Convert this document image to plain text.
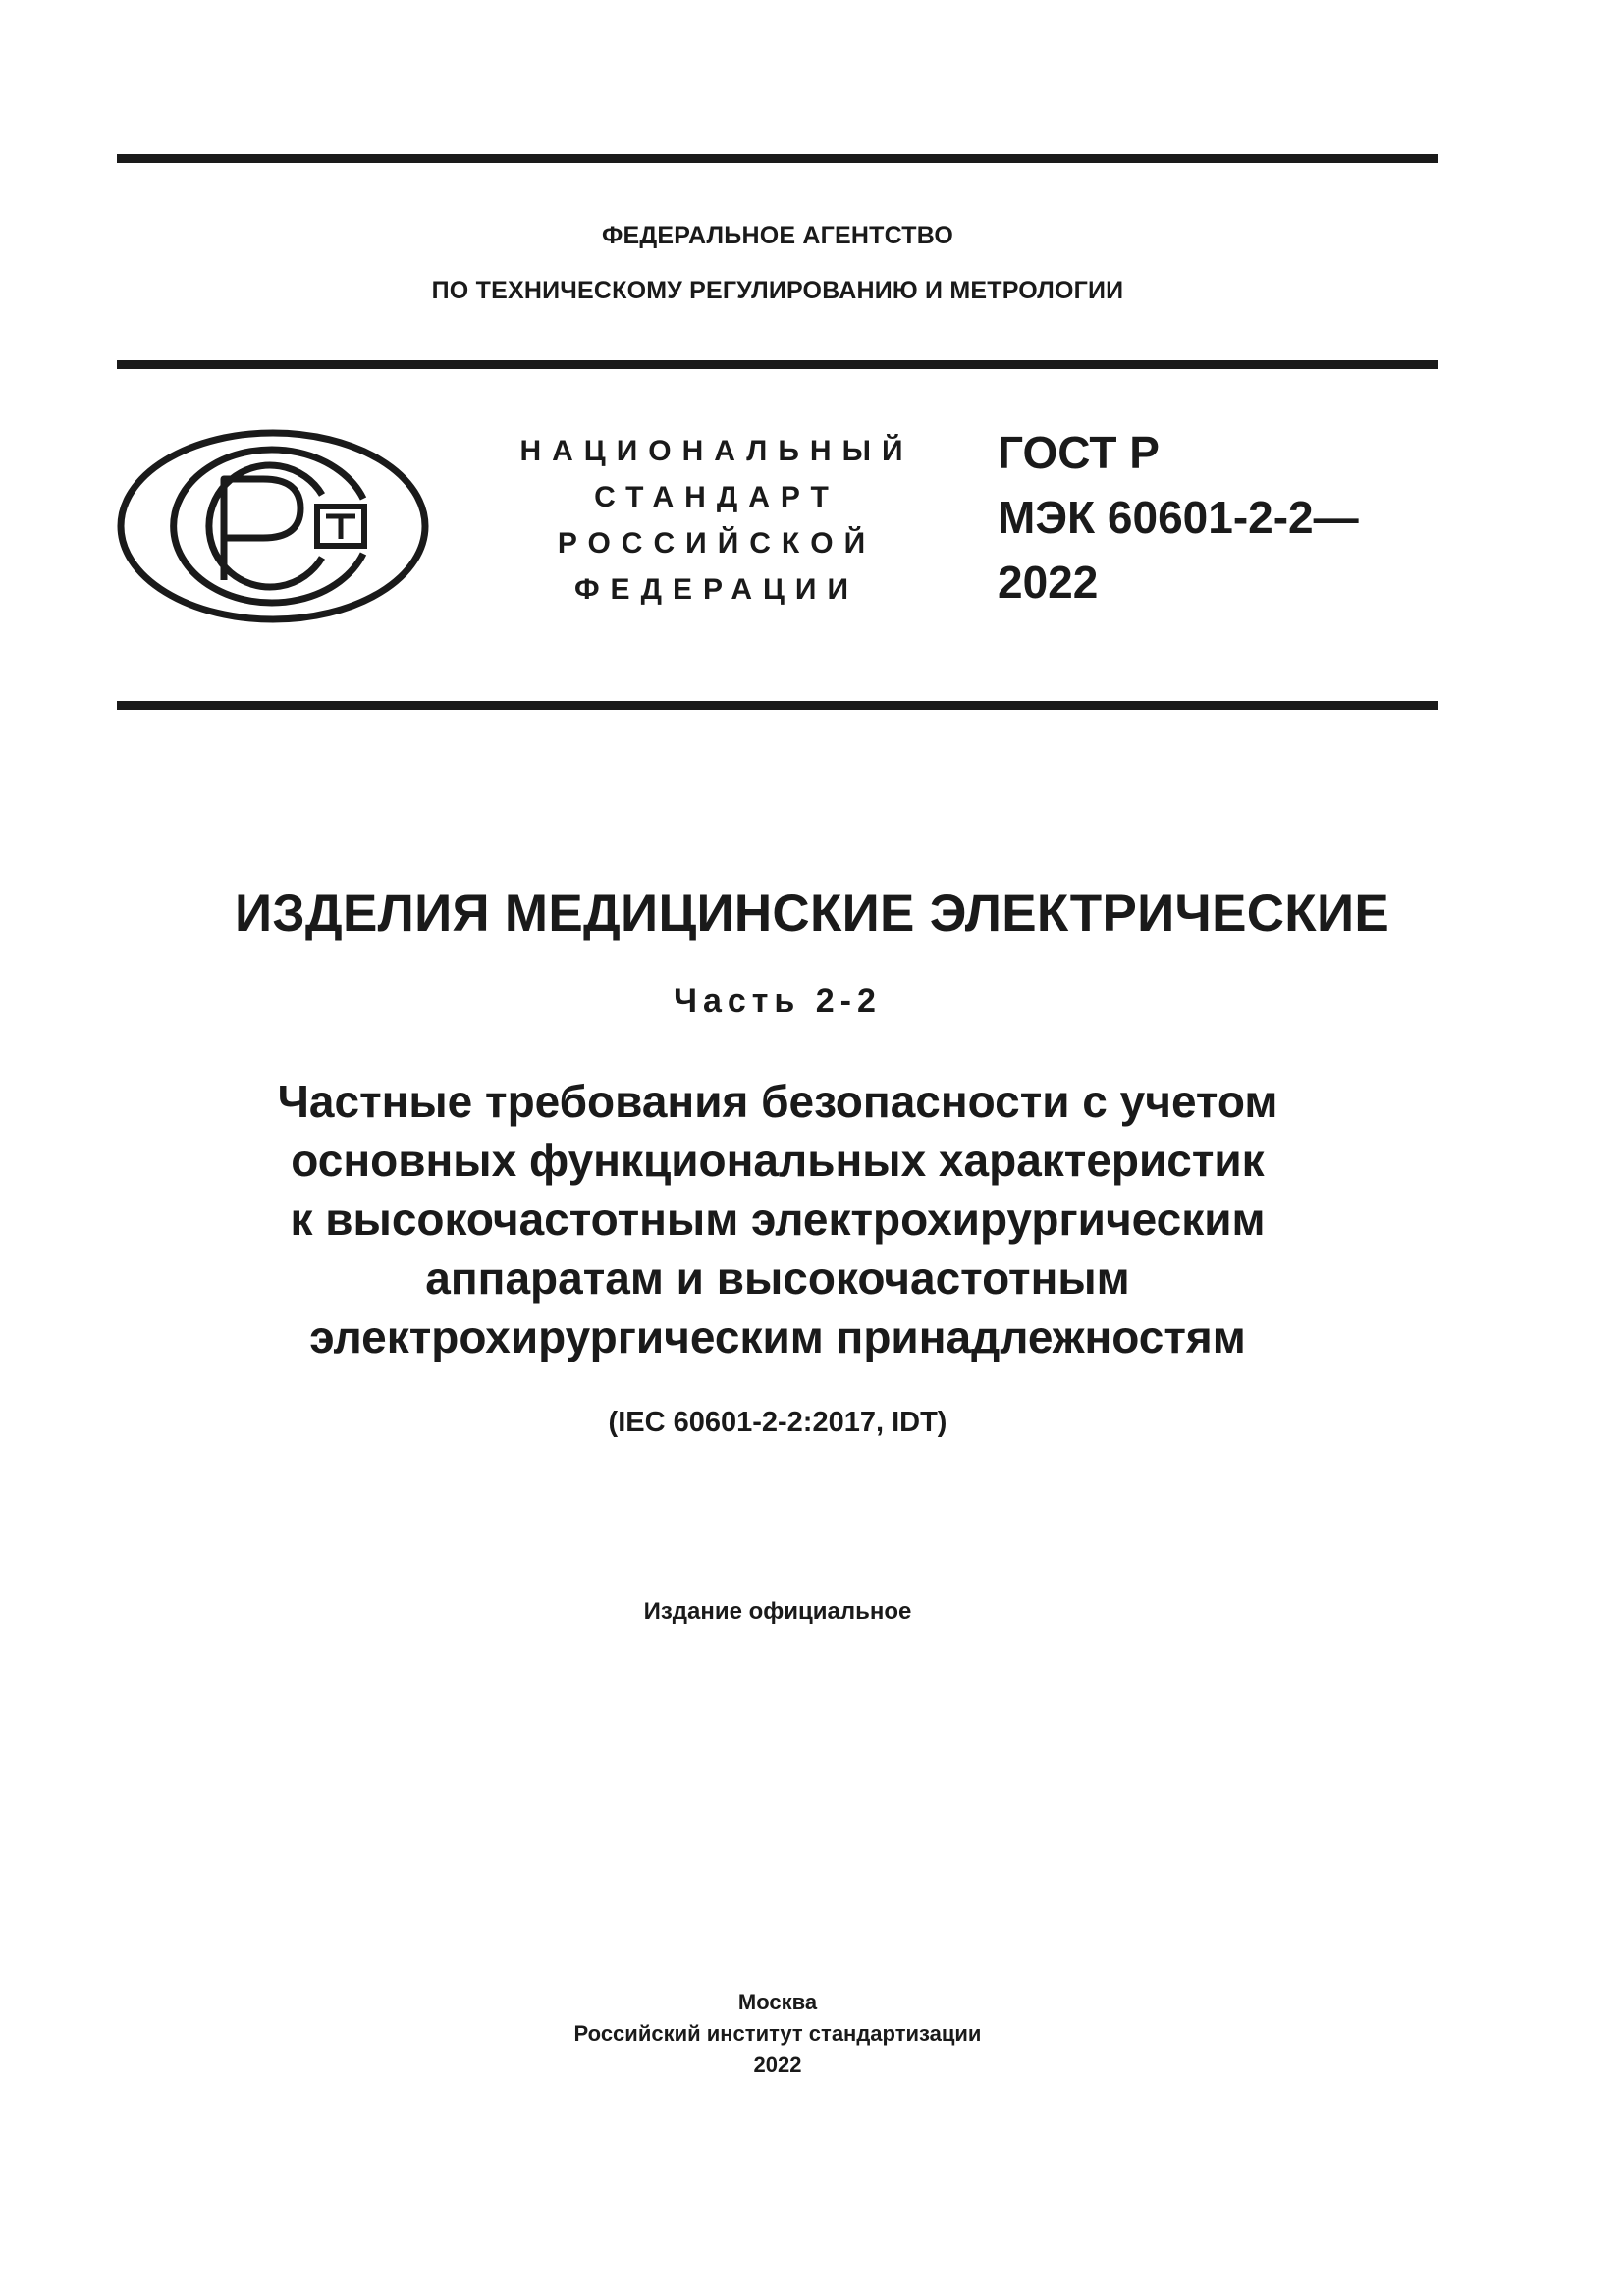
ФЕДЕРАЛЬНОЕ АГЕНТСТВО
ПО ТЕХНИЧЕСКОМУ РЕГУЛИРОВАНИЮ И МЕТРОЛОГИИ
НАЦИОНАЛЬНЫЙ
СТАНДАРТ
РОССИЙСКОЙ
ФЕДЕРАЦИИ
ГОСТ Р
МЭК 60601-2-2—
2022
ИЗДЕЛИЯ МЕДИЦИНСКИЕ ЭЛЕКТРИЧЕСКИЕ
Часть 2-2
Частные требования безопасности с учетом
основных функциональных характеристик
к высокочастотным электрохирургическим
аппаратам и высокочастотным
электрохирургическим принадлежностям
(IEC 60601-2-2:2017, IDT)
Издание официальное
Москва
Российский институт стандартизации
2022
